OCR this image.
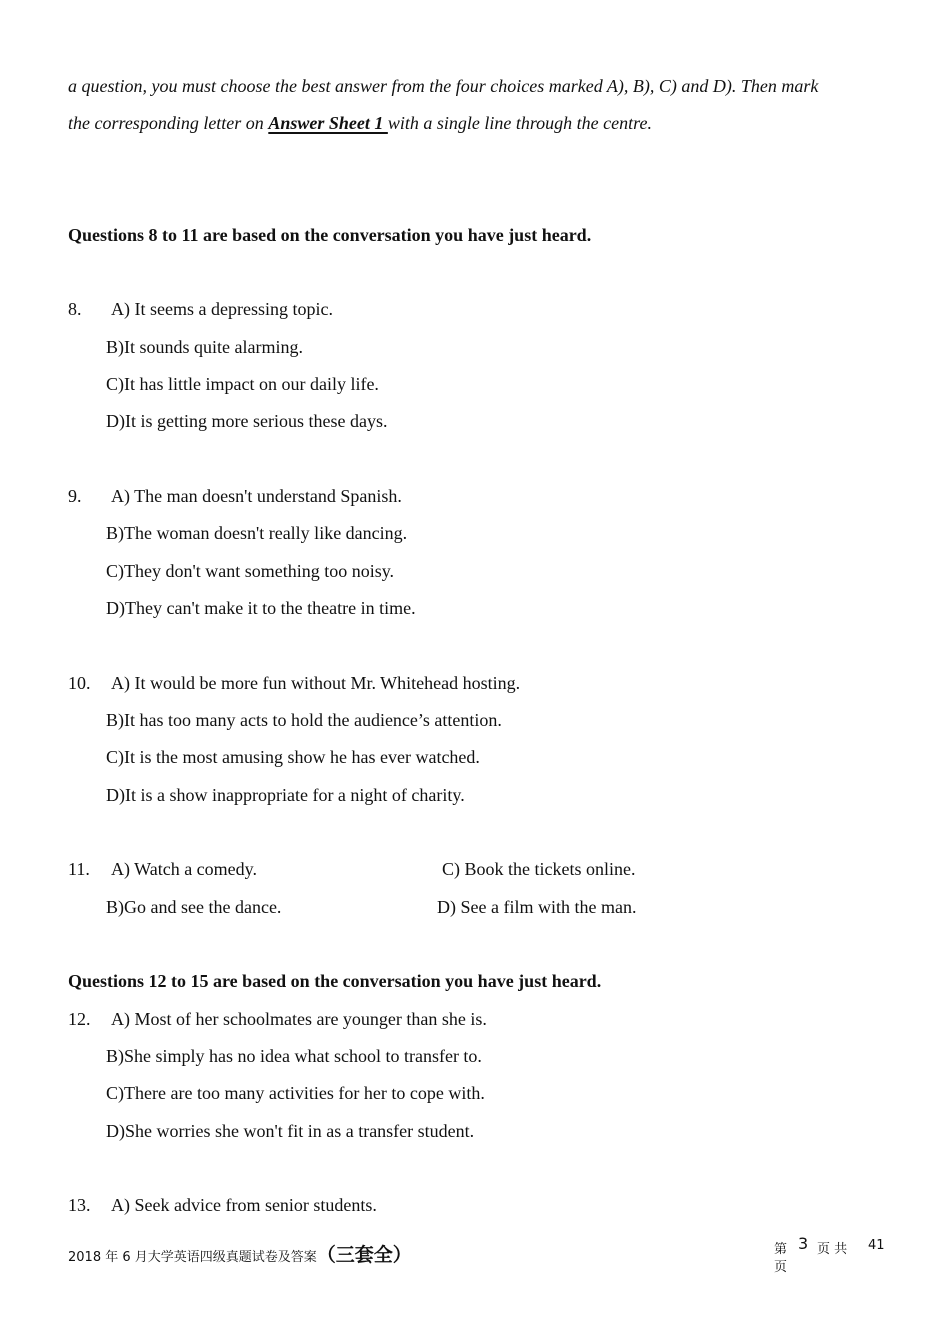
a question, you must choose the best answer from the four choices marked A), B), C) and D). Then mark
the corresponding letter on Answer Sheet 1 with a single line through the centre.
Questions 8 to 11 are based on the conversation you have just heard.
8. A) It seems a depressing topic.
B)It sounds quite alarming.
C)It has little impact on our daily life.
D)It is getting more serious these days.
9. A) The man doesn't understand Spanish.
B)The woman doesn't really like dancing.
C)They don't want something too noisy.
D)They can't make it to the theatre in time.
10. A) It would be more fun without Mr. Whitehead hosting.
B)It has too many acts to hold the audience’s attention.
C)It is the most amusing show he has ever watched.
D)It is a show inappropriate for a night of charity.
11. A) Watch a comedy.	C) Book the tickets online.
B)Go and see the dance.	D) See a film with the man.
Questions 12 to 15 are based on the conversation you have just heard.
12. A) Most of her schoolmates are younger than she is.
B)She simply has no idea what school to transfer to.
C)There are too many activities for her to cope with.
D)She worries she won't fit in as a transfer student.
13. A) Seek advice from senior students.
2018 年 6 月大学英语四级真题试卷及答案（三套全）	第 3 页 共 41
页
